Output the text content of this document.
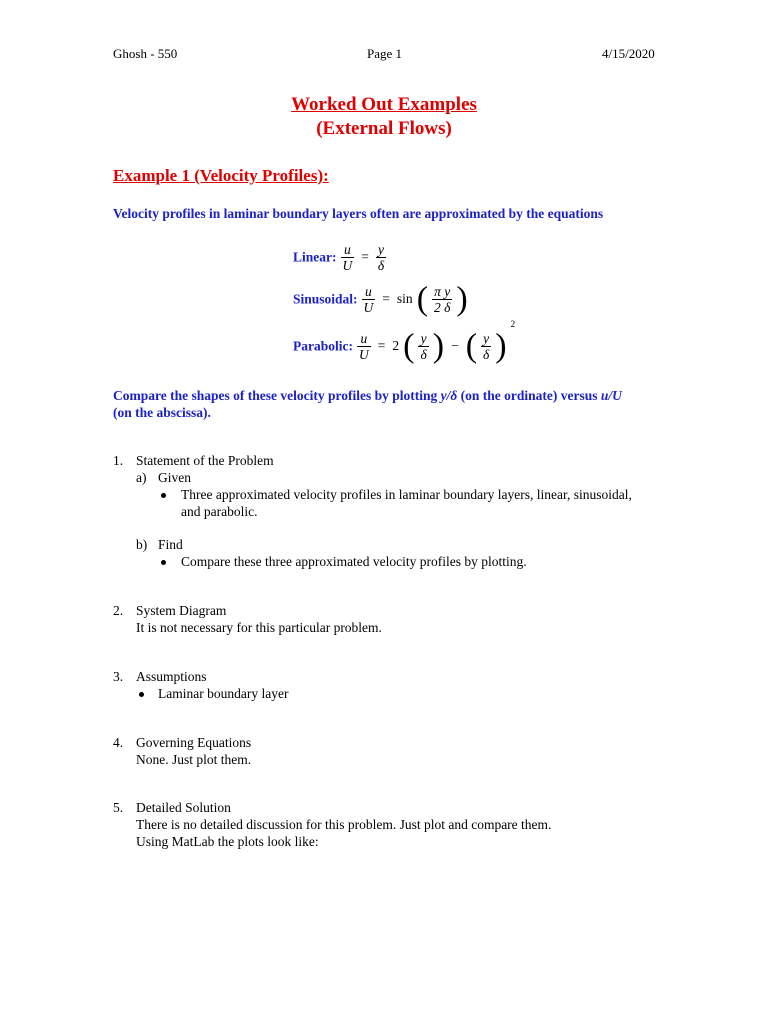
Ghosh - 550	Page 1	4/15/2020
Worked Out Examples
(External Flows)
Example 1 (Velocity Profiles):
Velocity profiles in laminar boundary layers often are approximated by the equations
Linear: $\frac{u}{U} = \frac{y}{\delta}$
Sinusoidal: $\frac{u}{U} = \sin$ ( $\frac{\text{π y}}{2 \delta}$ )
Parabolic: $\frac{u}{U} = 2$ ( $\frac{y}{\delta}$ ) − ( $\frac{y}{\delta}$ ) $^2$
Compare the shapes of these velocity profiles by plotting y/δ (on the ordinate) versus u/U
(on the abscissa).
1. Statement of the Problem
a) Given
Three approximated velocity profiles in laminar boundary layers, linear, sinusoidal,
and parabolic.
b) Find
Compare these three approximated velocity profiles by plotting.
2. System Diagram
It is not necessary for this particular problem.
3. Assumptions
Laminar boundary layer
4. Governing Equations
None. Just plot them.
5. Detailed Solution
There is no detailed discussion for this problem. Just plot and compare them.
Using MatLab the plots look like:
